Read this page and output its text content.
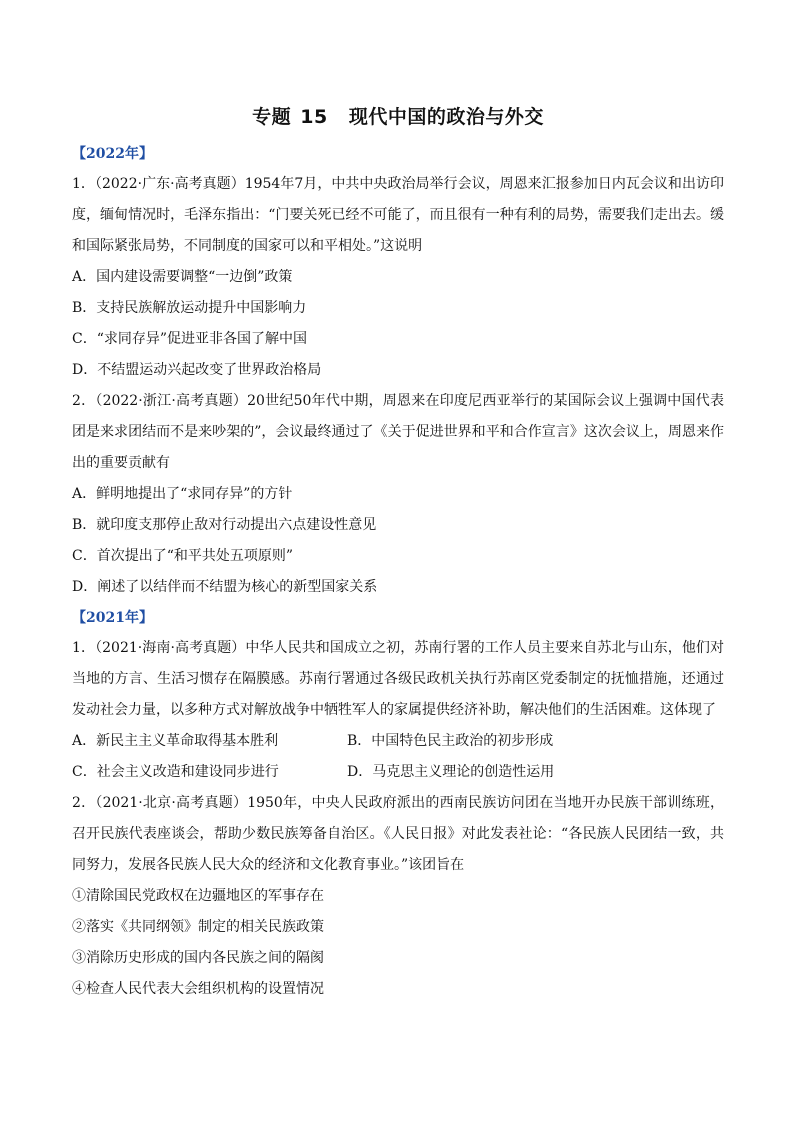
专题 15 现代中国的政治与外交
【2022年】
1．（2022·广东·高考真题）1954年7月，中共中央政治局举行会议，周恩来汇报参加日内瓦会议和出访印度，缅甸情况时，毛泽东指出：“门要关死已经不可能了，而且很有一种有利的局势，需要我们走出去。缓和国际紧张局势，不同制度的国家可以和平相处。”这说明
A．国内建设需要调整“一边倒”政策
B．支持民族解放运动提升中国影响力
C．“求同存异”促进亚非各国了解中国
D．不结盟运动兴起改变了世界政治格局
2．（2022·浙江·高考真题）20世纪50年代中期，周恩来在印度尼西亚举行的某国际会议上强调中国代表团是来求团结而不是来吵架的”，会议最终通过了《关于促进世界和平和合作宣言》这次会议上，周恩来作出的重要贡献有
A．鲜明地提出了“求同存异”的方针
B．就印度支那停止敌对行动提出六点建设性意见
C．首次提出了“和平共处五项原则”
D．阐述了以结伴而不结盟为核心的新型国家关系
【2021年】
1．（2021·海南·高考真题）中华人民共和国成立之初，苏南行署的工作人员主要来自苏北与山东，他们对当地的方言、生活习惯存在隔膜感。苏南行署通过各级民政机关执行苏南区党委制定的抚恤措施，还通过发动社会力量，以多种方式对解放战争中牺牲军人的家属提供经济补助，解决他们的生活困难。这体现了
A．新民主主义革命取得基本胜利	B．中国特色民主政治的初步形成
C．社会主义改造和建设同步进行	D．马克思主义理论的创造性运用
2．（2021·北京·高考真题）1950年，中央人民政府派出的西南民族访问团在当地开办民族干部训练班，召开民族代表座谈会，帮助少数民族筹备自治区。《人民日报》对此发表社论：“各民族人民团结一致，共同努力，发展各民族人民大众的经济和文化教育事业。”该团旨在
①清除国民党政权在边疆地区的军事存在
②落实《共同纲领》制定的相关民族政策
③消除历史形成的国内各民族之间的隔阂
④检查人民代表大会组织机构的设置情况
